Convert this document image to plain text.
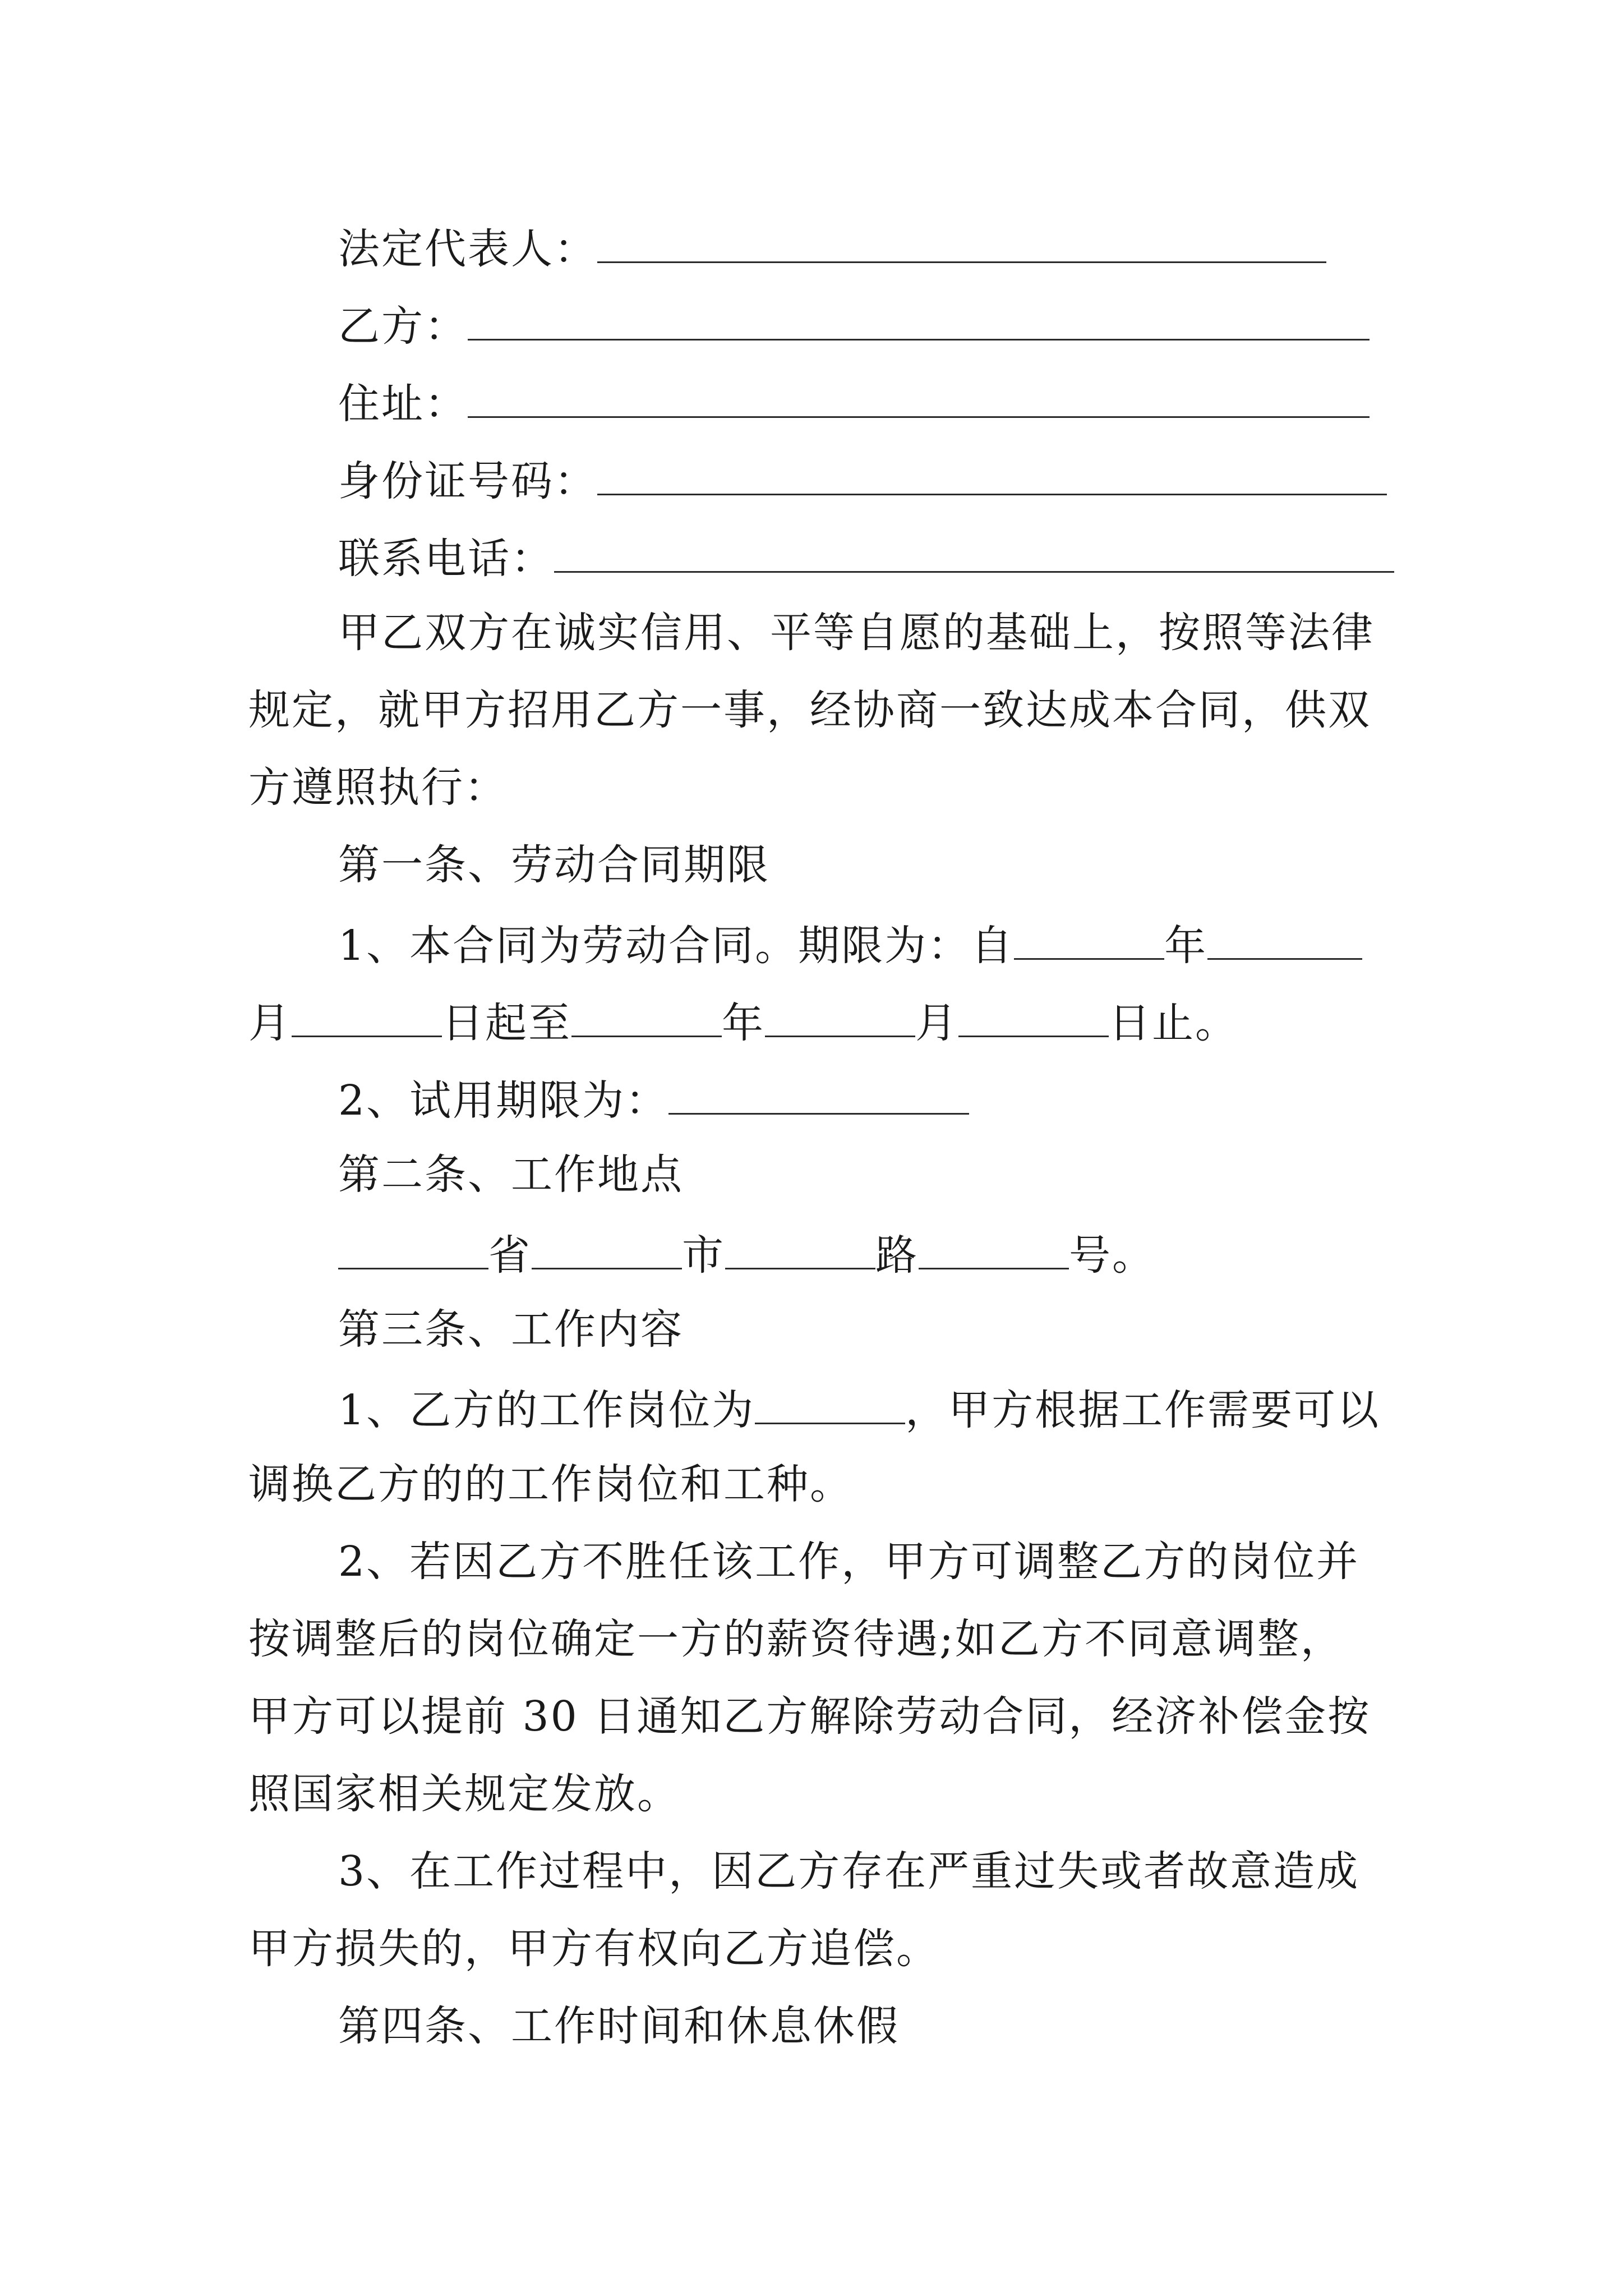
法定代表人：
乙方：
住址：
身份证号码：
联系电话：
甲乙双方在诚实信用、平等自愿的基础上，按照等法律
规定，就甲方招用乙方一事，经协商一致达成本合同，供双
方遵照执行：
第一条、劳动合同期限
1、本合同为劳动合同。期限为：自	年
月	日起至	年	月	日止。
2、试用期限为：
第二条、工作地点
省	市	路	号。
第三条、工作内容
1、乙方的工作岗位为	，甲方根据工作需要可以
调换乙方的的工作岗位和工种。
2、若因乙方不胜任该工作，甲方可调整乙方的岗位并
按调整后的岗位确定一方的薪资待遇;如乙方不同意调整，
甲方可以提前 30 日通知乙方解除劳动合同，经济补偿金按
照国家相关规定发放。
3、在工作过程中，因乙方存在严重过失或者故意造成
甲方损失的，甲方有权向乙方追偿。
第四条、工作时间和休息休假
